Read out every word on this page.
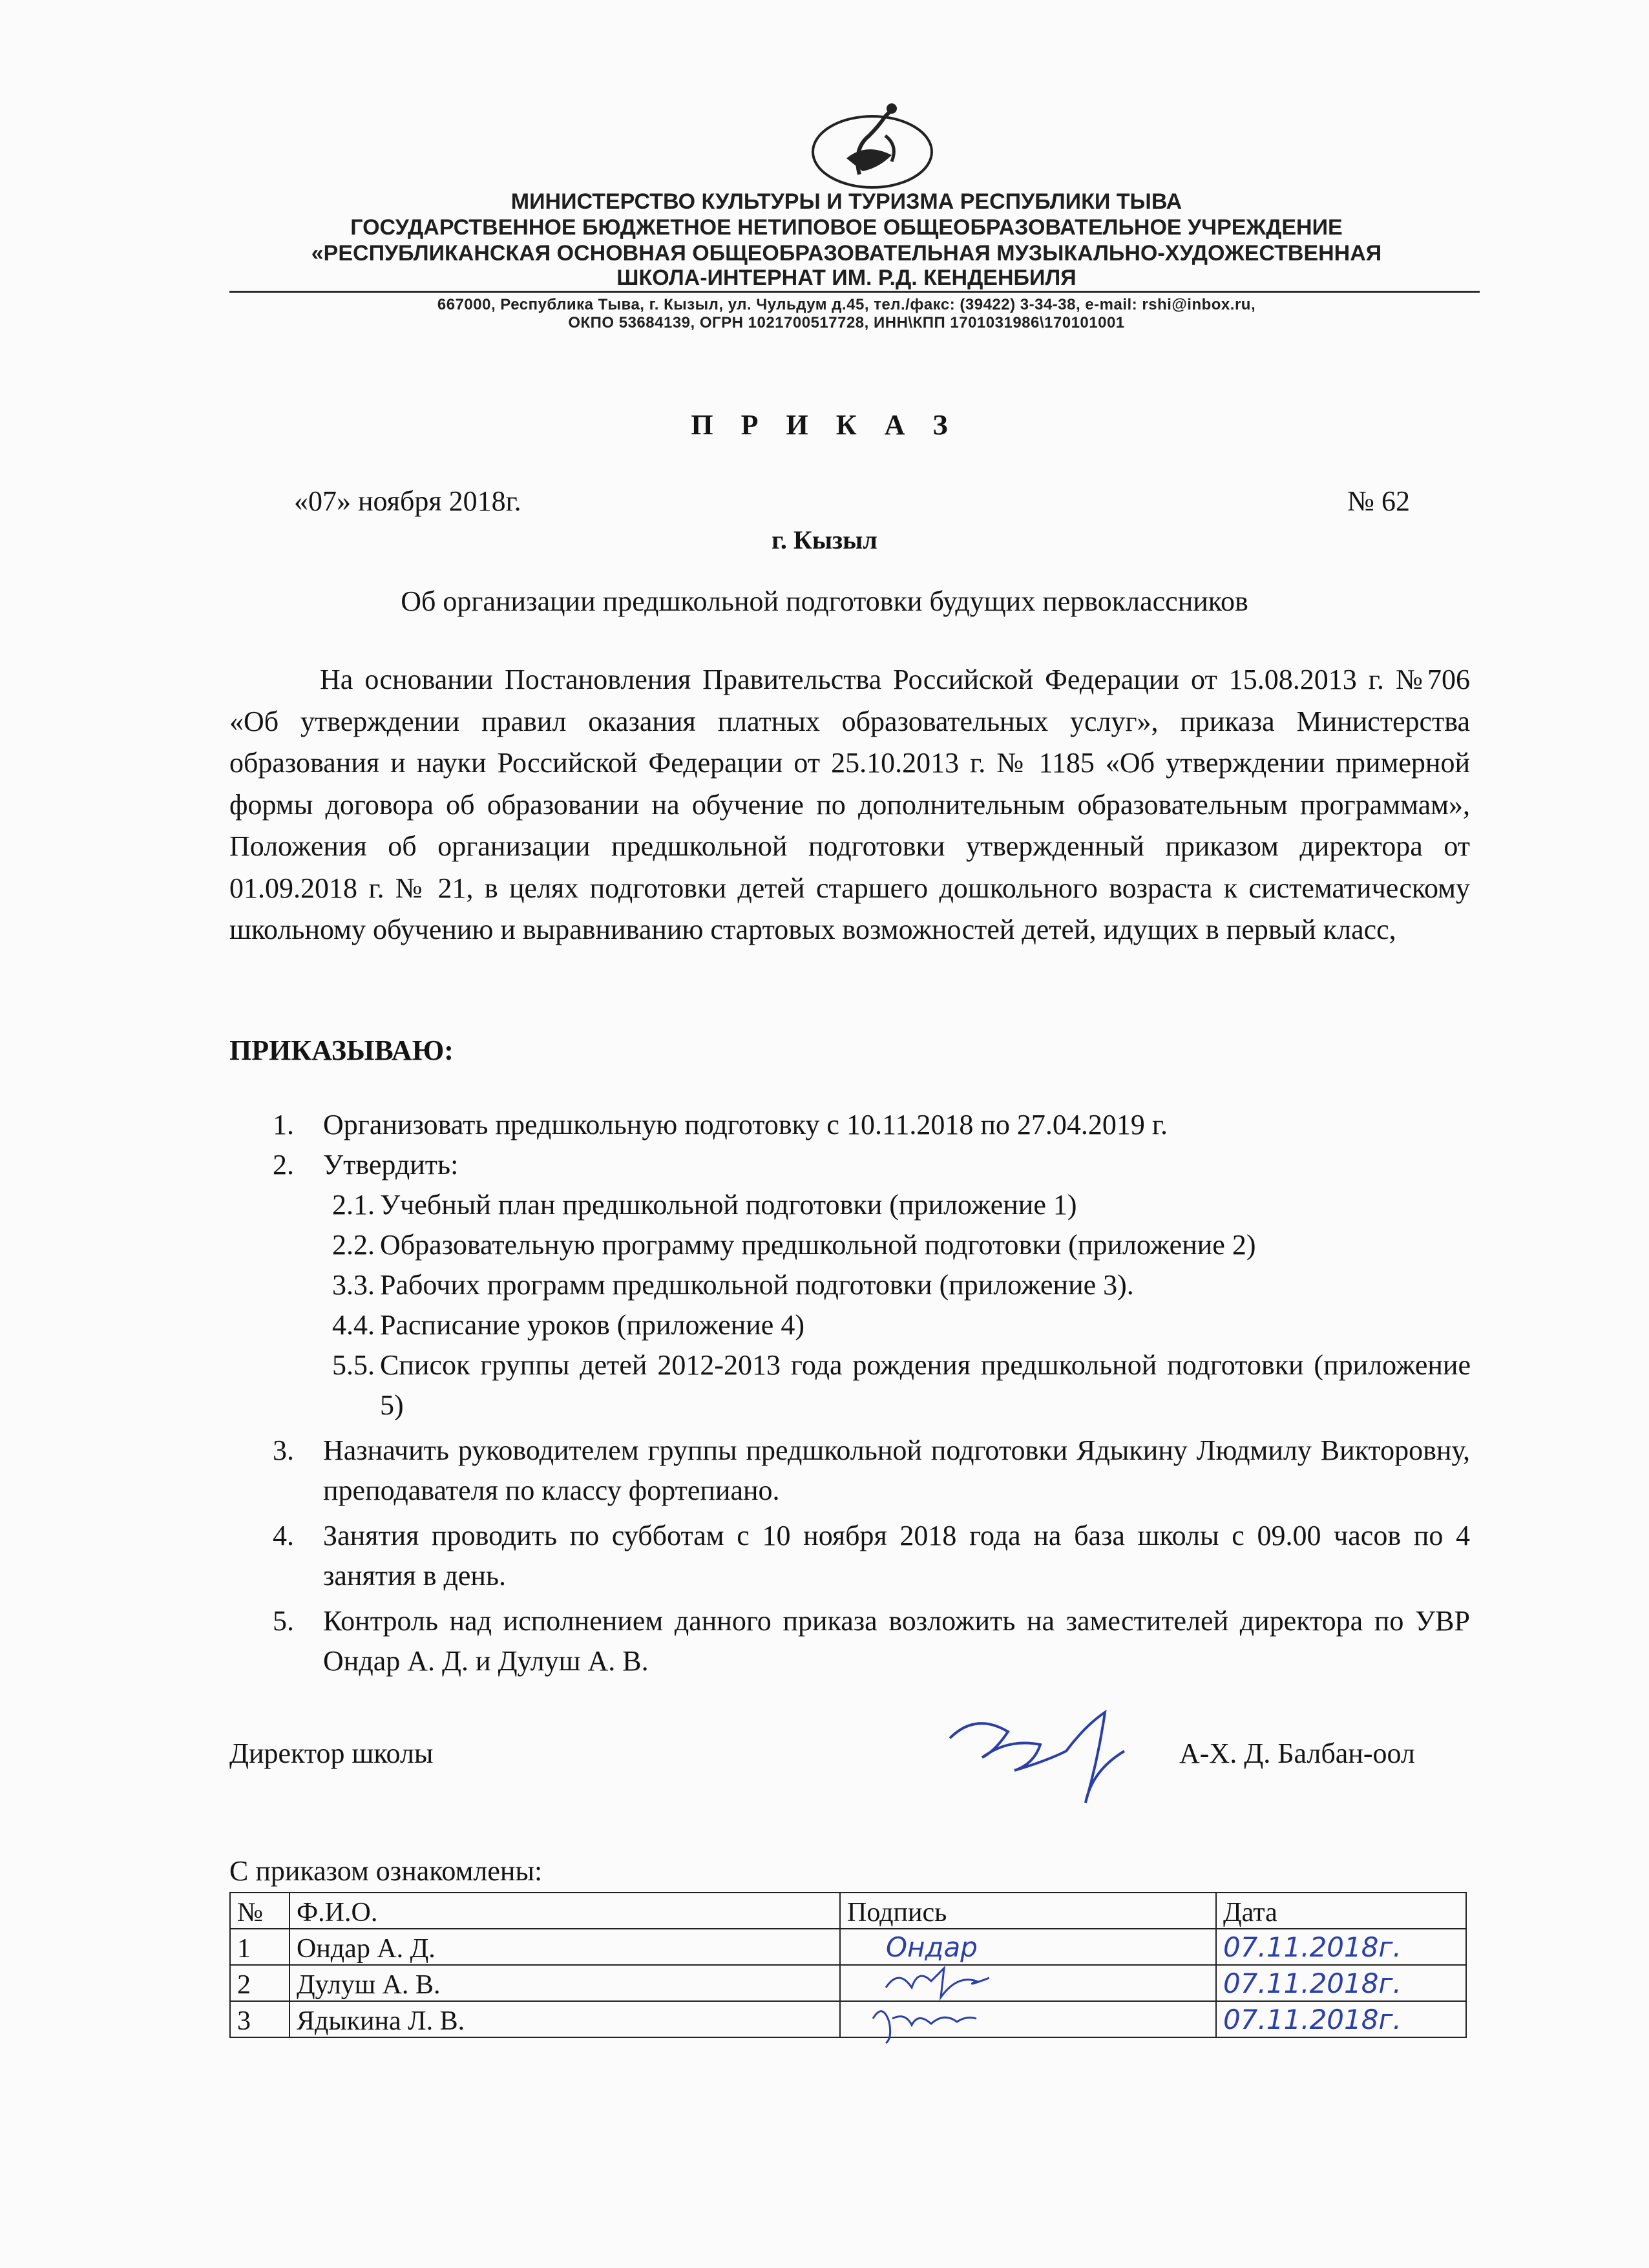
МИНИСТЕРСТВО КУЛЬТУРЫ И ТУРИЗМА РЕСПУБЛИКИ ТЫВА
ГОСУДАРСТВЕННОЕ БЮДЖЕТНОЕ НЕТИПОВОЕ ОБЩЕОБРАЗОВАТЕЛЬНОЕ УЧРЕЖДЕНИЕ
«РЕСПУБЛИКАНСКАЯ ОСНОВНАЯ ОБЩЕОБРАЗОВАТЕЛЬНАЯ МУЗЫКАЛЬНО-ХУДОЖЕСТВЕННАЯ
ШКОЛА-ИНТЕРНАТ ИМ. Р.Д. КЕНДЕНБИЛЯ
667000, Республика Тыва, г. Кызыл, ул. Чульдум д.45, тел./факс: (39422) 3-34-38, e-mail: rshi@inbox.ru,
ОКПО 53684139, ОГРН 1021700517728, ИНН\КПП 1701031986\170101001
П Р И К А З
«07» ноября 2018г.	№ 62
г. Кызыл
Об организации предшкольной подготовки будущих первоклассников
На основании Постановления Правительства Российской Федерации от 15.08.2013 г. №706 «Об утверждении правил оказания платных образовательных услуг», приказа Министерства образования и науки Российской Федерации от 25.10.2013 г. № 1185 «Об утверждении примерной формы договора об образовании на обучение по дополнительным образовательным программам», Положения об организации предшкольной подготовки утвержденный приказом директора от 01.09.2018 г. № 21, в целях подготовки детей старшего дошкольного возраста к систематическому школьному обучению и выравниванию стартовых возможностей детей, идущих в первый класс,
ПРИКАЗЫВАЮ:
1. Организовать предшкольную подготовку с 10.11.2018 по 27.04.2019 г.
2. Утвердить:
2.1. Учебный план предшкольной подготовки (приложение 1)
2.2. Образовательную программу предшкольной подготовки (приложение 2)
3.3. Рабочих программ предшкольной подготовки (приложение 3).
4.4. Расписание уроков (приложение 4)
5.5. Список группы детей 2012-2013 года рождения предшкольной подготовки (приложение 5)
3. Назначить руководителем группы предшкольной подготовки Ядыкину Людмилу Викторовну, преподавателя по классу фортепиано.
4. Занятия проводить по субботам с 10 ноября 2018 года на база школы с 09.00 часов по 4 занятия в день.
5. Контроль над исполнением данного приказа возложить на заместителей директора по УВР Ондар А. Д. и Дулуш А. В.
Директор школы	А-Х. Д. Балбан-оол
С приказом ознакомлены:
№	Ф.И.О.	Подпись	Дата
1	Ондар А. Д.	Ондар	07.11.2018г.

2	Дулуш А. В.		07.11.2018г.

3	Ядыкина Л. В.		07.11.2018г.
